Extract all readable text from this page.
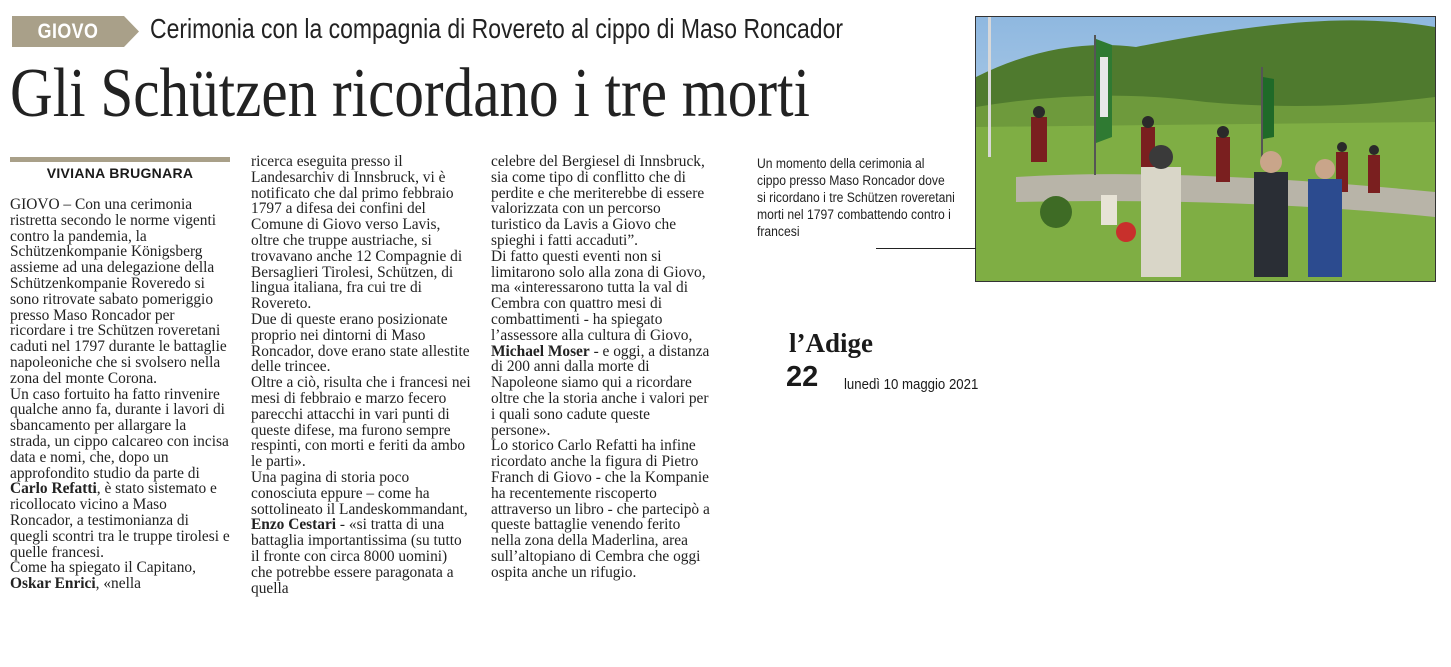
GIOVO	Cerimonia con la compagnia di Rovereto al cippo di Maso Roncador
Gli Schützen ricordano i tre morti
VIVIANA BRUGNARA

GIOVO – Con una cerimonia ristretta secondo le norme vigenti contro la pandemia, la Schützenkompanie Königsberg assieme ad una delegazione della Schützenkompanie Roveredo si sono ritrovate sabato pomeriggio presso Maso Roncador per ricordare i tre Schützen roveretani caduti nel 1797 durante le battaglie napoleoniche che si svolsero nella zona del monte Corona.

Un caso fortuito ha fatto rinvenire qualche anno fa, durante i lavori di sbancamento per allargare la strada, un cippo calcareo con incisa data e nomi, che, dopo un approfondito studio da parte di Carlo Refatti, è stato sistemato e ricollocato vicino a Maso Roncador, a testimonianza di quegli scontri tra le truppe tirolesi e quelle francesi.

Come ha spiegato il Capitano, Oskar Enrici, «nella

ricerca eseguita presso il Landesarchiv di Innsbruck, vi è notificato che dal primo febbraio 1797 a difesa dei confini del Comune di Giovo verso Lavis, oltre che truppe austriache, si trovavano anche 12 Compagnie di Bersaglieri Tirolesi, Schützen, di lingua italiana, fra cui tre di Rovereto.

Due di queste erano posizionate proprio nei dintorni di Maso Roncador, dove erano state allestite delle trincee.

Oltre a ciò, risulta che i francesi nei mesi di febbraio e marzo fecero parecchi attacchi in vari punti di queste difese, ma furono sempre respinti, con morti e feriti da ambo le parti».

Una pagina di storia poco conosciuta eppure – come ha sottolineato il Landeskommandant, Enzo Cestari - «si tratta di una battaglia importantissima (su tutto il fronte con circa 8000 uomini) che potrebbe essere paragonata a quella

celebre del Bergiesel di Innsbruck, sia come tipo di conflitto che di perdite e che meriterebbe di essere valorizzata con un percorso turistico da Lavis a Giovo che spieghi i fatti accaduti”.

Di fatto questi eventi non si limitarono solo alla zona di Giovo, ma «interessarono tutta la val di Cembra con quattro mesi di combattimenti - ha spiegato l’assessore alla cultura di Giovo, Michael Moser - e oggi, a distanza di 200 anni dalla morte di Napoleone siamo qui a ricordare oltre che la storia anche i valori per i quali sono cadute queste persone».

Lo storico Carlo Refatti ha infine ricordato anche la figura di Pietro Franch di Giovo - che la Kompanie ha recentemente riscoperto attraverso un libro - che partecipò a queste battaglie venendo ferito nella zona della Maderlina, area sull’altopiano di Cembra che oggi ospita anche un rifugio.

Un momento della cerimonia al cippo presso Maso Roncador dove si ricordano i tre Schützen roveretani morti nel 1797 combattendo contro i francesi
l’Adige
22 lunedì 10 maggio 2021
